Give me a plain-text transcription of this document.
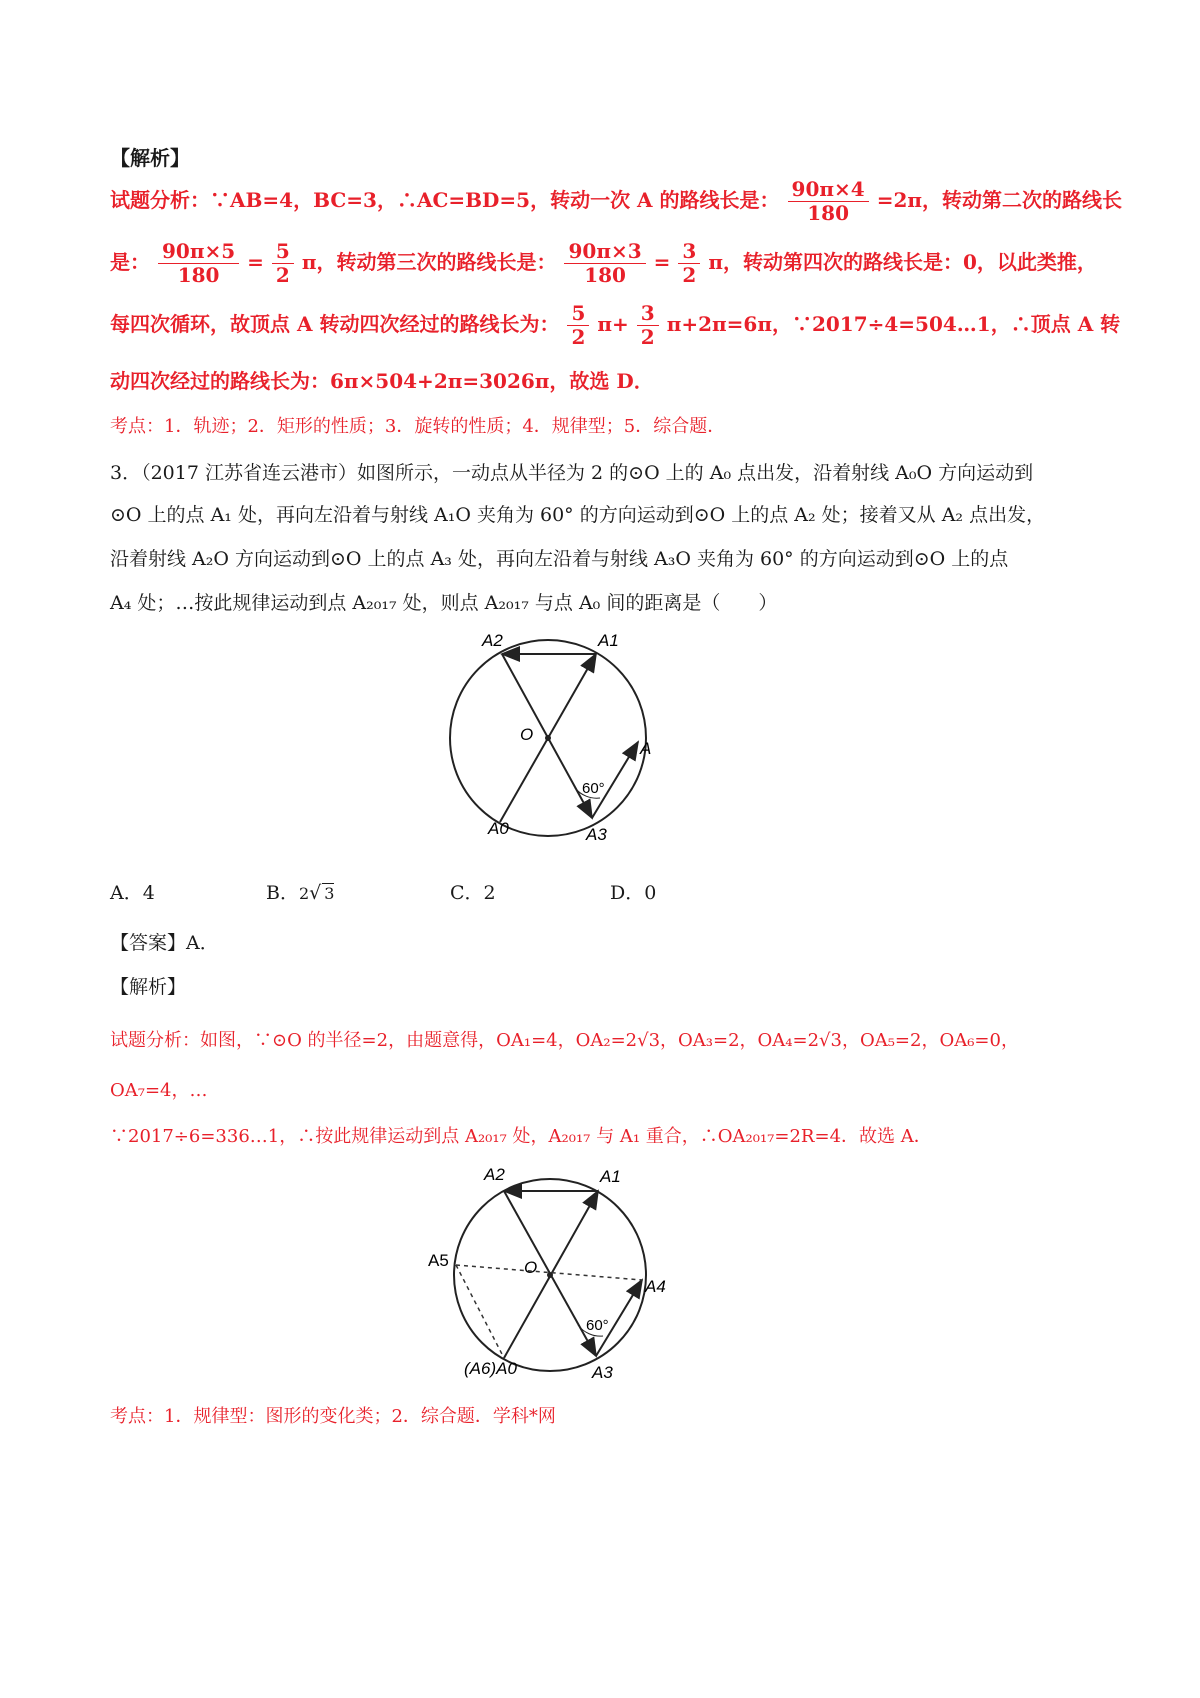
【解析】
试题分析：∵AB=4，BC=3，∴AC=BD=5，转动一次 A 的路线长是： $\frac{90\pi\times 4}{180} =2\pi$，转动第二次的路线长
是： $\frac{90\pi\times 5}{180} = \frac{5}{2}$ π，转动第三次的路线长是： $\frac{90\pi\times 3}{180} = \frac{3}{2}$ π，转动第四次的路线长是：0，以此类推，
每四次循环，故顶点 A 转动四次经过的路线长为： $\frac{5}{2} \pi+ \frac{3}{2} \pi+2\pi=6\pi$，∵2017÷4=504…1，∴顶点 A 转
动四次经过的路线长为：6π×504+2π=3026π，故选 D．
考点：1．轨迹；2．矩形的性质；3．旋转的性质；4．规律型；5．综合题．
3．（2017 江苏省连云港市）如图所示，一动点从半径为 2 的⊙O 上的 A₀ 点出发，沿着射线 A₀O 方向运动到
⊙O 上的点 A₁ 处，再向左沿着与射线 A₁O 夹角为 60° 的方向运动到⊙O 上的点 A₂ 处；接着又从 A₂ 点出发，
沿着射线 A₂O 方向运动到⊙O 上的点 A₃ 处，再向左沿着与射线 A₃O 夹角为 60° 的方向运动到⊙O 上的点
A₄ 处；…按此规律运动到点 A₂₀₁₇ 处，则点 A₂₀₁₇ 与点 A₀ 间的距离是（　　）
A2	A1
O
A
60°
A0	A3
A．4	B．2√ 3	C．2	D．0
【答案】A．
【解析】
试题分析：如图，∵⊙O 的半径=2，由题意得，OA₁=4，OA₂=2√3，OA₃=2，OA₄=2√3，OA₅=2，OA₆=0，
OA₇=4，…
∵2017÷6=336…1，∴按此规律运动到点 A₂₀₁₇ 处，A₂₀₁₇ 与 A₁ 重合，∴OA₂₀₁₇=2R=4．故选 A．
A2	A1
A5	O
A4
60°
(A6)A0	A3
考点：1．规律型：图形的变化类；2．综合题．学科*网
